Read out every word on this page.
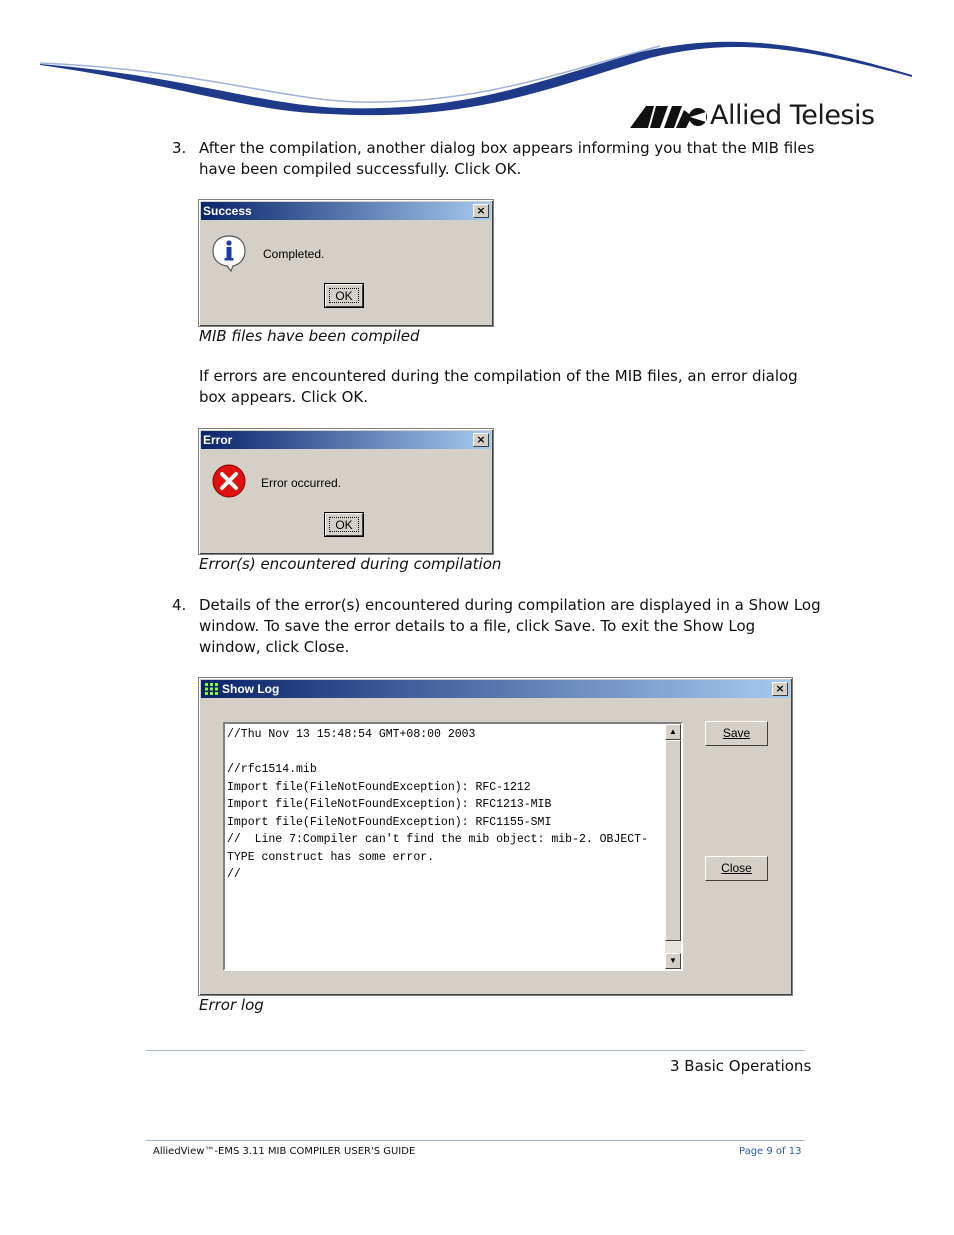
Allied Telesis
3. After the compilation, another dialog box appears informing you that the MIB files
have been compiled successfully. Click OK.
Success	×
Completed.
OK
MIB files have been compiled
If errors are encountered during the compilation of the MIB files, an error dialog
box appears. Click OK.
Error	×
Error occurred.
OK
Error(s) encountered during compilation
4. Details of the error(s) encountered during compilation are displayed in a Show Log
window. To save the error details to a file, click Save. To exit the Show Log
window, click Close.
Show Log	×
//Thu Nov 13 15:48:54 GMT+08:00 2003

//rfc1514.mib
Import file(FileNotFoundException): RFC-1212
Import file(FileNotFoundException): RFC1213-MIB
Import file(FileNotFoundException): RFC1155-SMI
//  Line 7:Compiler can't find the mib object: mib-2. OBJECT-
TYPE construct has some error.
//
▲
▼
Save
Close
Error log
3 Basic Operations
AlliedView™-EMS 3.11 MIB COMPILER USER'S GUIDE	Page 9 of 13
